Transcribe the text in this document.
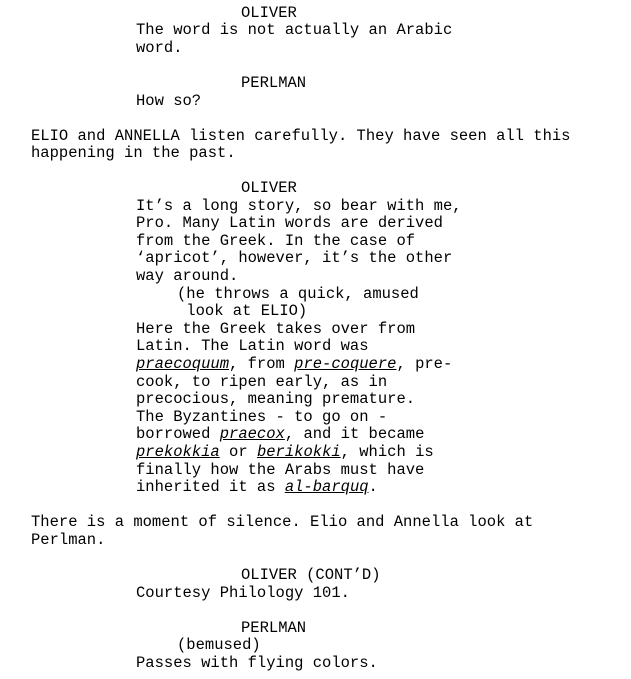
OLIVER
The word is not actually an Arabic
word.
PERLMAN
How so?
ELIO and ANNELLA listen carefully. They have seen all this
happening in the past.
OLIVER
It’s a long story, so bear with me,
Pro. Many Latin words are derived
from the Greek. In the case of
‘apricot’, however, it’s the other
way around.
(he throws a quick, amused
look at ELIO)
Here the Greek takes over from
Latin. The Latin word was
praecoquum, from pre-coquere, pre-
cook, to ripen early, as in
precocious, meaning premature.
The Byzantines - to go on -
borrowed praecox, and it became
prekokkia or berikokki, which is
finally how the Arabs must have
inherited it as al-barquq.
There is a moment of silence. Elio and Annella look at
Perlman.
OLIVER (CONT’D)
Courtesy Philology 101.
PERLMAN
(bemused)
Passes with flying colors.
